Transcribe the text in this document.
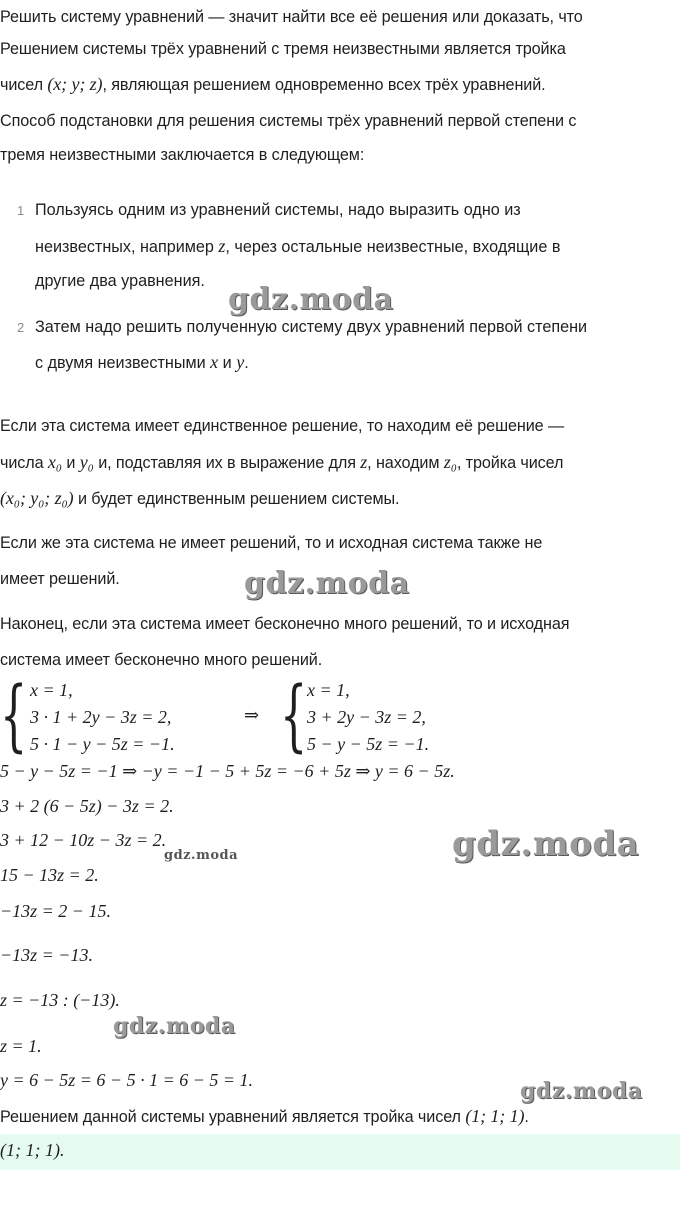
Решить систему уравнений — значит найти все её решения или доказать, что
Решением системы трёх уравнений с тремя неизвестными является тройка
чисел (x; y; z), являющая решением одновременно всех трёх уравнений.
Способ подстановки для решения системы трёх уравнений первой степени с
тремя неизвестными заключается в следующем:
1 Пользуясь одним из уравнений системы, надо выразить одно из
неизвестных, например z, через остальные неизвестные, входящие в
другие два уравнения.
2 Затем надо решить полученную систему двух уравнений первой степени
с двумя неизвестными x и y.
Если эта система имеет единственное решение, то находим её решение —
числа x₀ и y₀ и, подставляя их в выражение для z, находим z₀, тройка чисел
(x₀; y₀; z₀) и будет единственным решением системы.
Если же эта система не имеет решений, то и исходная система также не
имеет решений.
Наконец, если эта система имеет бесконечно много решений, то и исходная
система имеет бесконечно много решений.
{ x = 1,
3 · 1 + 2y − 3z = 2,
5 · 1 − y − 5z = −1.
⇒ { x = 1,
3 + 2y − 3z = 2,
5 − y − 5z = −1.
5 − y − 5z = −1 ⇒ −y = −1 − 5 + 5z = −6 + 5z ⇒ y = 6 − 5z.
3 + 2 (6 − 5z) − 3z = 2.
3 + 12 − 10z − 3z = 2.
15 − 13z = 2.
−13z = 2 − 15.
−13z = −13.
z = −13 : (−13).
z = 1.
y = 6 − 5z = 6 − 5 · 1 = 6 − 5 = 1.
Решением данной системы уравнений является тройка чисел (1; 1; 1).
(1; 1; 1).
gdz.moda
gdz.moda
gdz.moda
gdz.moda
gdz.moda
gdz.moda
